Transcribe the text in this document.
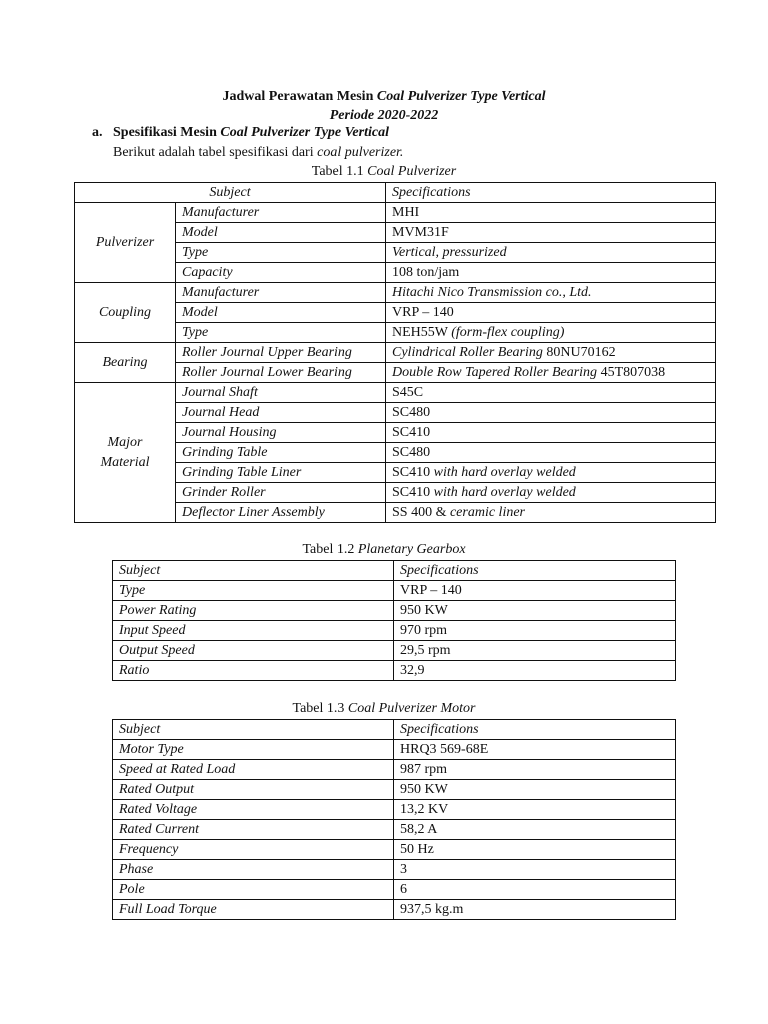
Jadwal Perawatan Mesin Coal Pulverizer Type Vertical
Periode 2020-2022
a. Spesifikasi Mesin Coal Pulverizer Type Vertical
Berikut adalah tabel spesifikasi dari coal pulverizer.
Tabel 1.1 Coal Pulverizer
Subject		Specifications
Pulverizer	Manufacturer	MHI
	Model	MVM31F
	Type	Vertical, pressurized
	Capacity	108 ton/jam
Coupling	Manufacturer	Hitachi Nico Transmission co., Ltd.
	Model	VRP – 140
	Type	NEH55W (form-flex coupling)
Bearing	Roller Journal Upper Bearing	Cylindrical Roller Bearing 80NU70162
	Roller Journal Lower Bearing	Double Row Tapered Roller Bearing 45T807038
Major Material	Journal Shaft	S45C
	Journal Head	SC480
	Journal Housing	SC410
	Grinding Table	SC480
	Grinding Table Liner	SC410 with hard overlay welded
	Grinder Roller	SC410 with hard overlay welded
	Deflector Liner Assembly	SS 400 & ceramic liner
Tabel 1.2 Planetary Gearbox
Subject	Specifications
Type	VRP – 140
Power Rating	950 KW
Input Speed	970 rpm
Output Speed	29,5 rpm
Ratio	32,9
Tabel 1.3 Coal Pulverizer Motor
Subject	Specifications
Motor Type	HRQ3 569-68E
Speed at Rated Load	987 rpm
Rated Output	950 KW
Rated Voltage	13,2 KV
Rated Current	58,2 A
Frequency	50 Hz
Phase	3
Pole	6
Full Load Torque	937,5 kg.m
